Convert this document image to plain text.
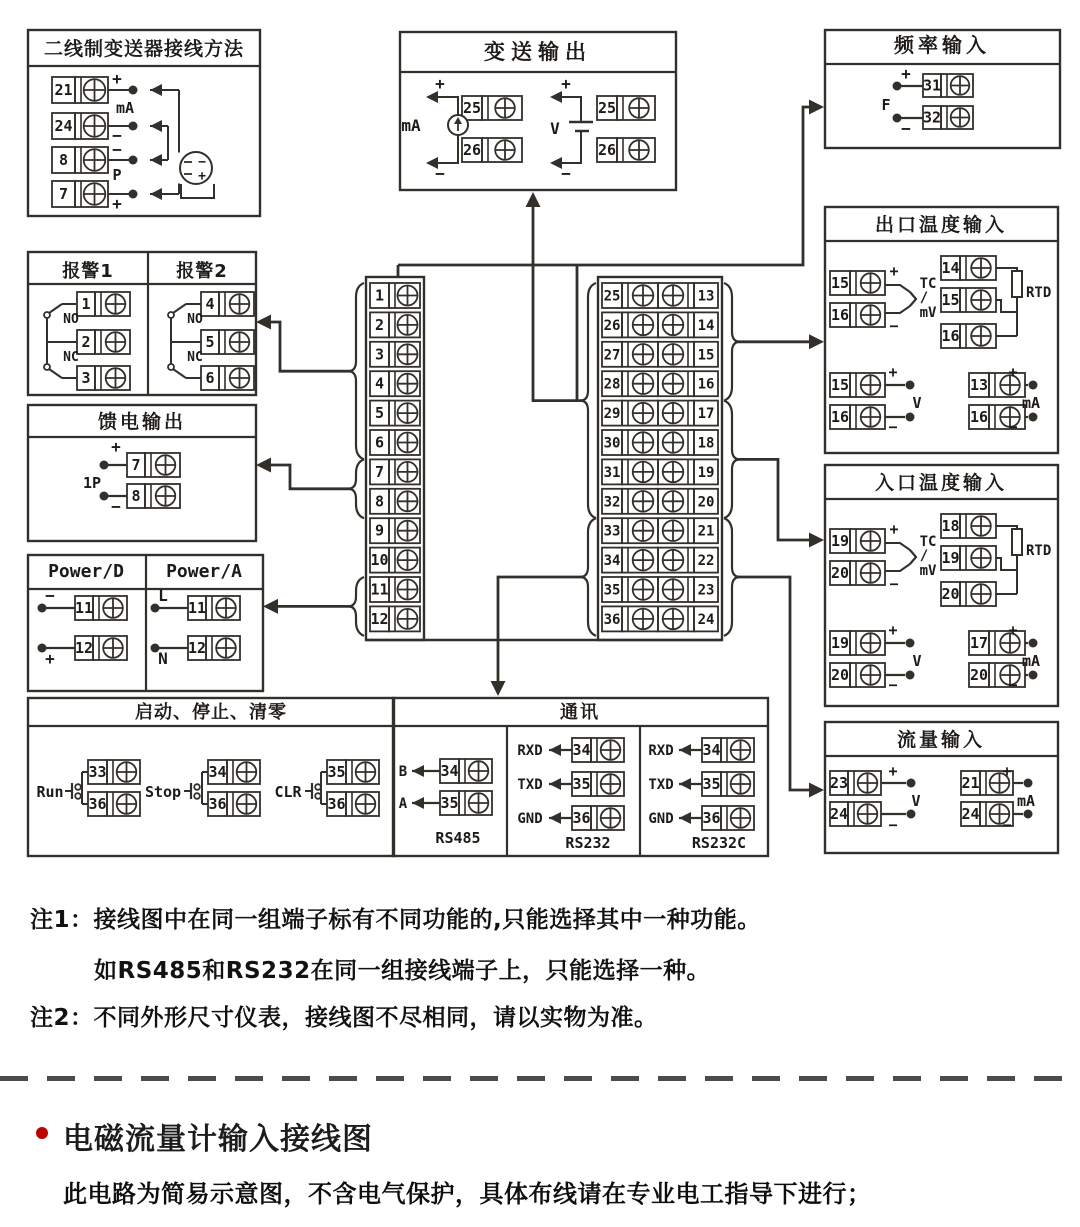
二线制变送器接线方法
21
24
8
7
+
−
−
+
mA
P
−
+
变送输出
25
26
+
−
mA
25
26
+
−
V
频率输入
31
32
+
−
F
报警1
1
2
3
NO
NC
报警2
4
5
6
NO
NC
馈电输出
7
8
+
1P
−
Power/D Power/A
11
12
−
+
11
12
L
N
出口温度输入
15
16
+
−
TC
/
mV
14
15
16
RTD
15
16
+
−
V
13
16
+
−
mA
入口温度输入
19
20
+
−
TC
/
mV
18
19
20
RTD
19
20
+
−
V
17
20
+
−
mA
流量输入
23
24
+
−
V
21
24
+
−
mA
启动、停止、清零
Run
33
36
Stop
34
36
CLR
35
36
通讯
B 34
A 35
RS485
RXD 34
TXD 35
GND 36
RS232
RXD 34
TXD 35
GND 36
RS232C
1
2
3
4
5
6
7
8
9
10
11
12
25	13
26	14
27	15
28	16
29	17
30	18
31	19
32	20
33	21
34	22
35	23
36	24
注1：接线图中在同一组端子标有不同功能的,只能选择其中一种功能。
如RS485和RS232在同一组接线端子上，只能选择一种。
注2：不同外形尺寸仪表，接线图不尽相同，请以实物为准。
电磁流量计输入接线图
此电路为简易示意图，不含电气保护，具体布线请在专业电工指导下进行；
